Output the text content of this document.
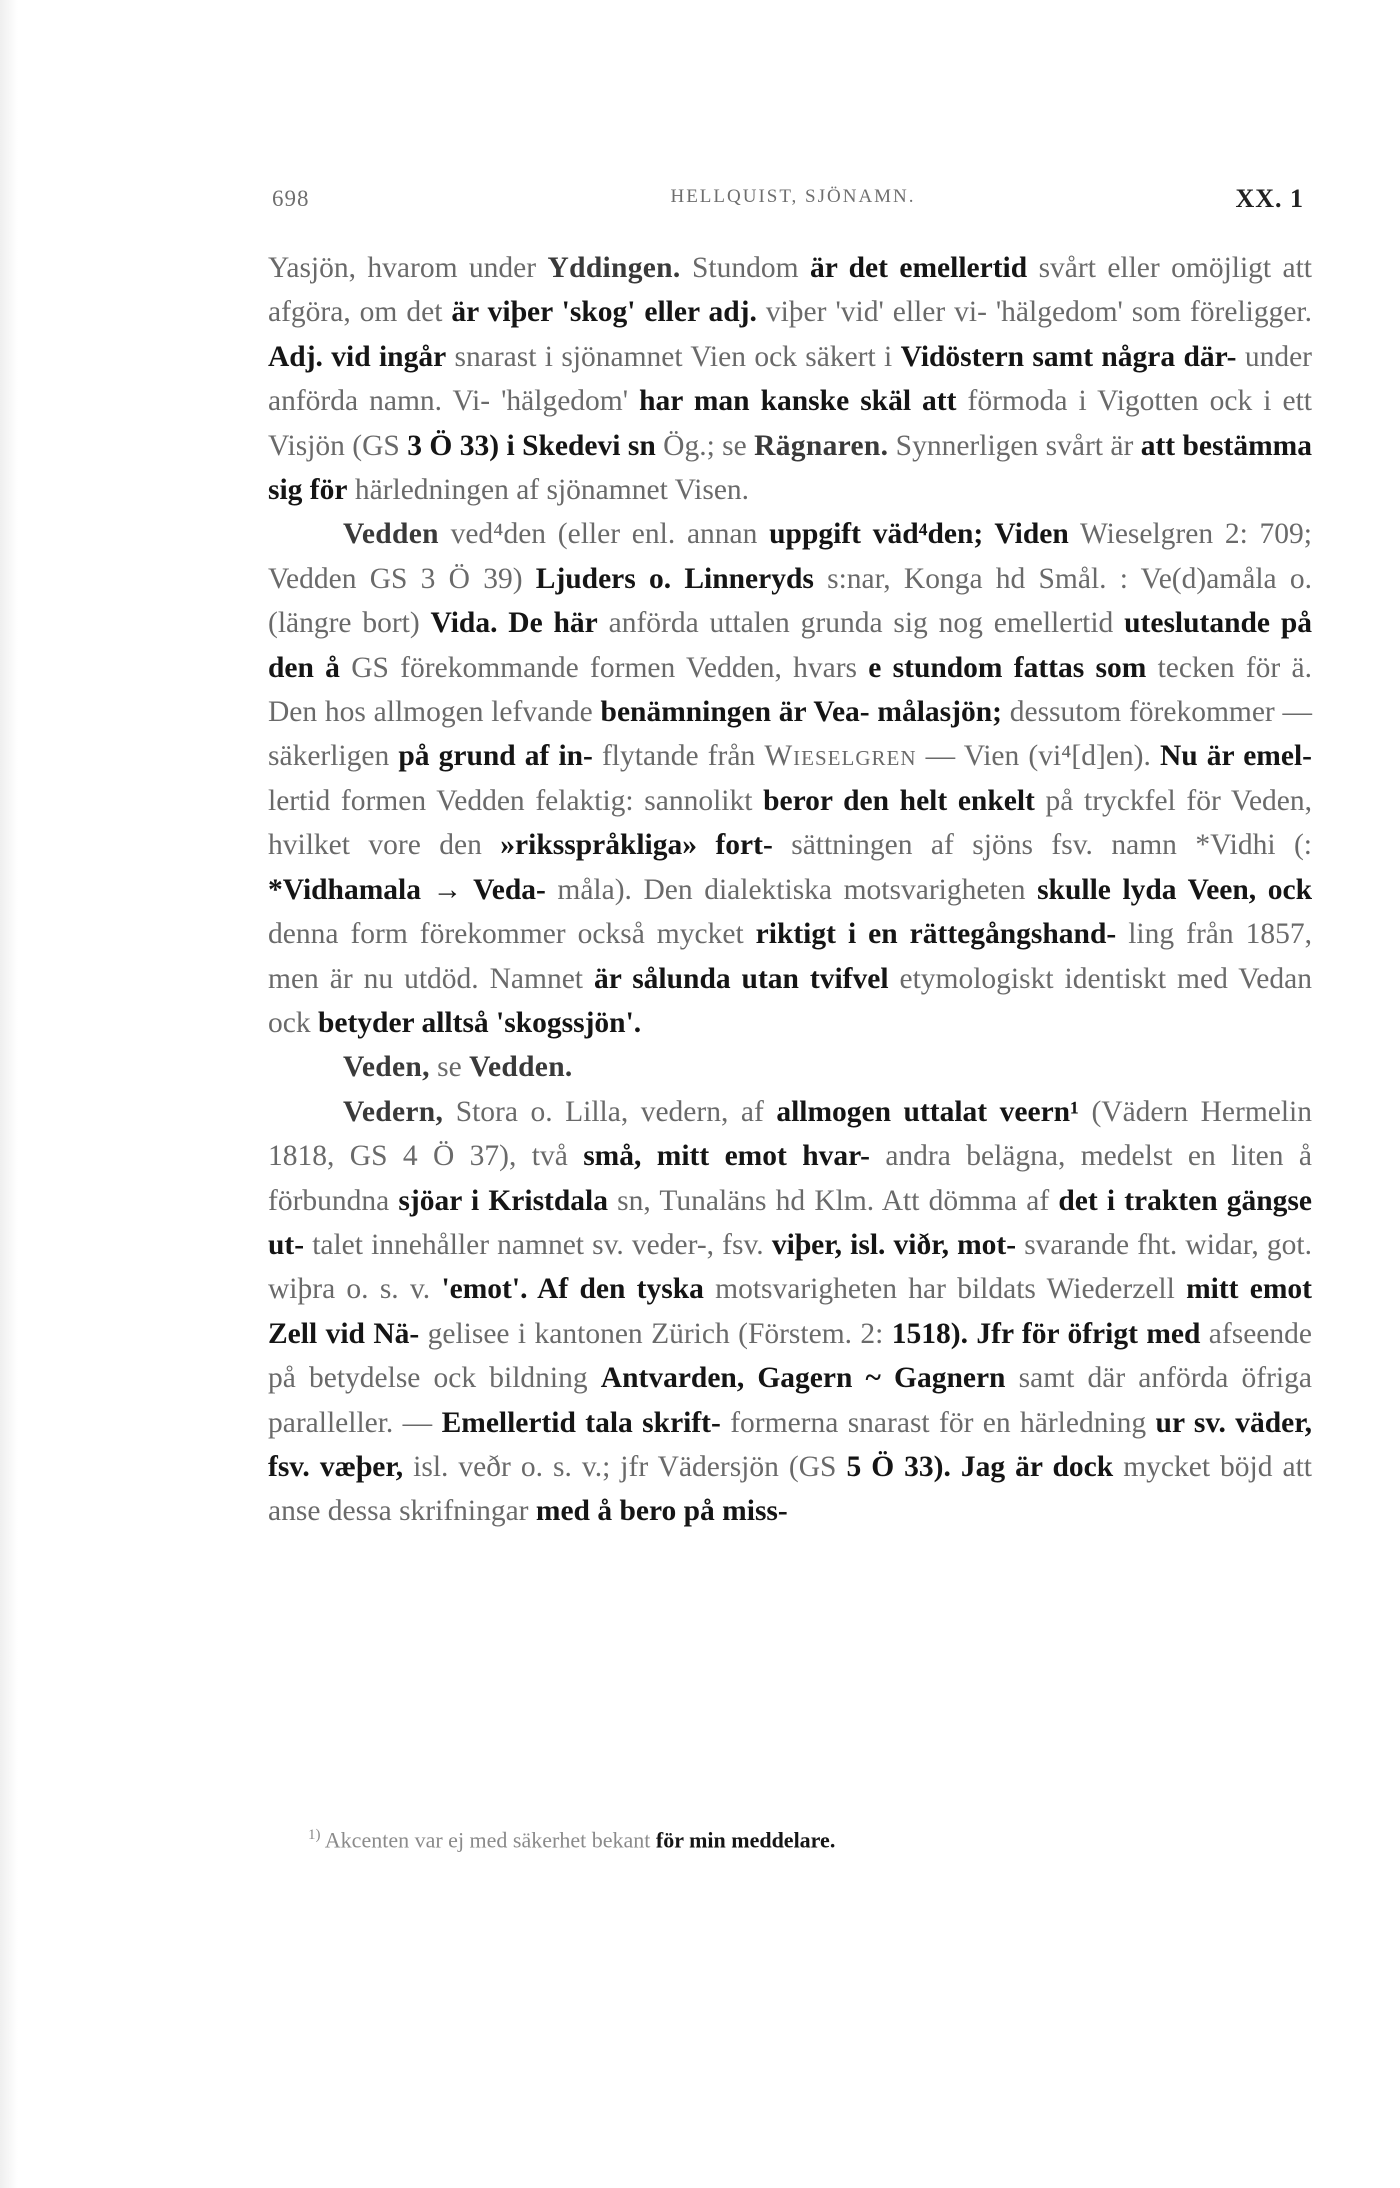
698	HELLQUIST, SJÖNAMN.	XX. 1

Yasjön, hvarom under Yddingen. Stundom är det emellertid svårt eller omöjligt att afgöra, om det är viþer 'skog' eller adj. viþer 'vid' eller vi- 'hälgedom' som föreligger. Adj. vid ingår snarast i sjönamnet Vien ock säkert i Vidöstern samt några där- under anförda namn. Vi- 'hälgedom' har man kanske skäl att förmoda i Vigotten ock i ett Visjön (GS 3 Ö 33) i Skedevi sn Ög.; se Rägnaren. Synnerligen svårt är att bestämma sig för härledningen af sjönamnet Visen.

Vedden ved⁴den (eller enl. annan uppgift väd⁴den; Viden Wieselgren 2: 709; Vedden GS 3 Ö 39) Ljuders o. Linneryds s:nar, Konga hd Smål. : Ve(d)amåla o. (längre bort) Vida. De här anförda uttalen grunda sig nog emellertid uteslutande på den å GS förekommande formen Vedden, hvars e stundom fattas som tecken för ä. Den hos allmogen lefvande benämningen är Vea- målasjön; dessutom förekommer — säkerligen på grund af in- flytande från Wieselgren — Vien (vi⁴[d]en). Nu är emel- lertid formen Vedden felaktig: sannolikt beror den helt enkelt på tryckfel för Veden, hvilket vore den »riksspråkliga» fort- sättningen af sjöns fsv. namn *Vidhi (: *Vidhamala → Veda- måla). Den dialektiska motsvarigheten skulle lyda Veen, ock denna form förekommer också mycket riktigt i en rättegångshand- ling från 1857, men är nu utdöd. Namnet är sålunda utan tvifvel etymologiskt identiskt med Vedan ock betyder alltså 'skogssjön'.

Veden, se Vedden.

Vedern, Stora o. Lilla, vedern, af allmogen uttalat veern¹ (Vädern Hermelin 1818, GS 4 Ö 37), två små, mitt emot hvar- andra belägna, medelst en liten å förbundna sjöar i Kristdala sn, Tunaläns hd Klm. Att dömma af det i trakten gängse ut- talet innehåller namnet sv. veder-, fsv. viþer, isl. viðr, mot- svarande fht. widar, got. wiþra o. s. v. 'emot'. Af den tyska motsvarigheten har bildats Wiederzell mitt emot Zell vid Nä- gelisee i kantonen Zürich (Förstem. 2: 1518). Jfr för öfrigt med afseende på betydelse ock bildning Antvarden, Gagern ~ Gagnern samt där anförda öfriga paralleller. — Emellertid tala skrift- formerna snarast för en härledning ur sv. väder, fsv. væþer, isl. veðr o. s. v.; jfr Vädersjön (GS 5 Ö 33). Jag är dock mycket böjd att anse dessa skrifningar med å bero på miss-

$^{1)}$ Akcenten var ej med säkerhet bekant för min meddelare.
